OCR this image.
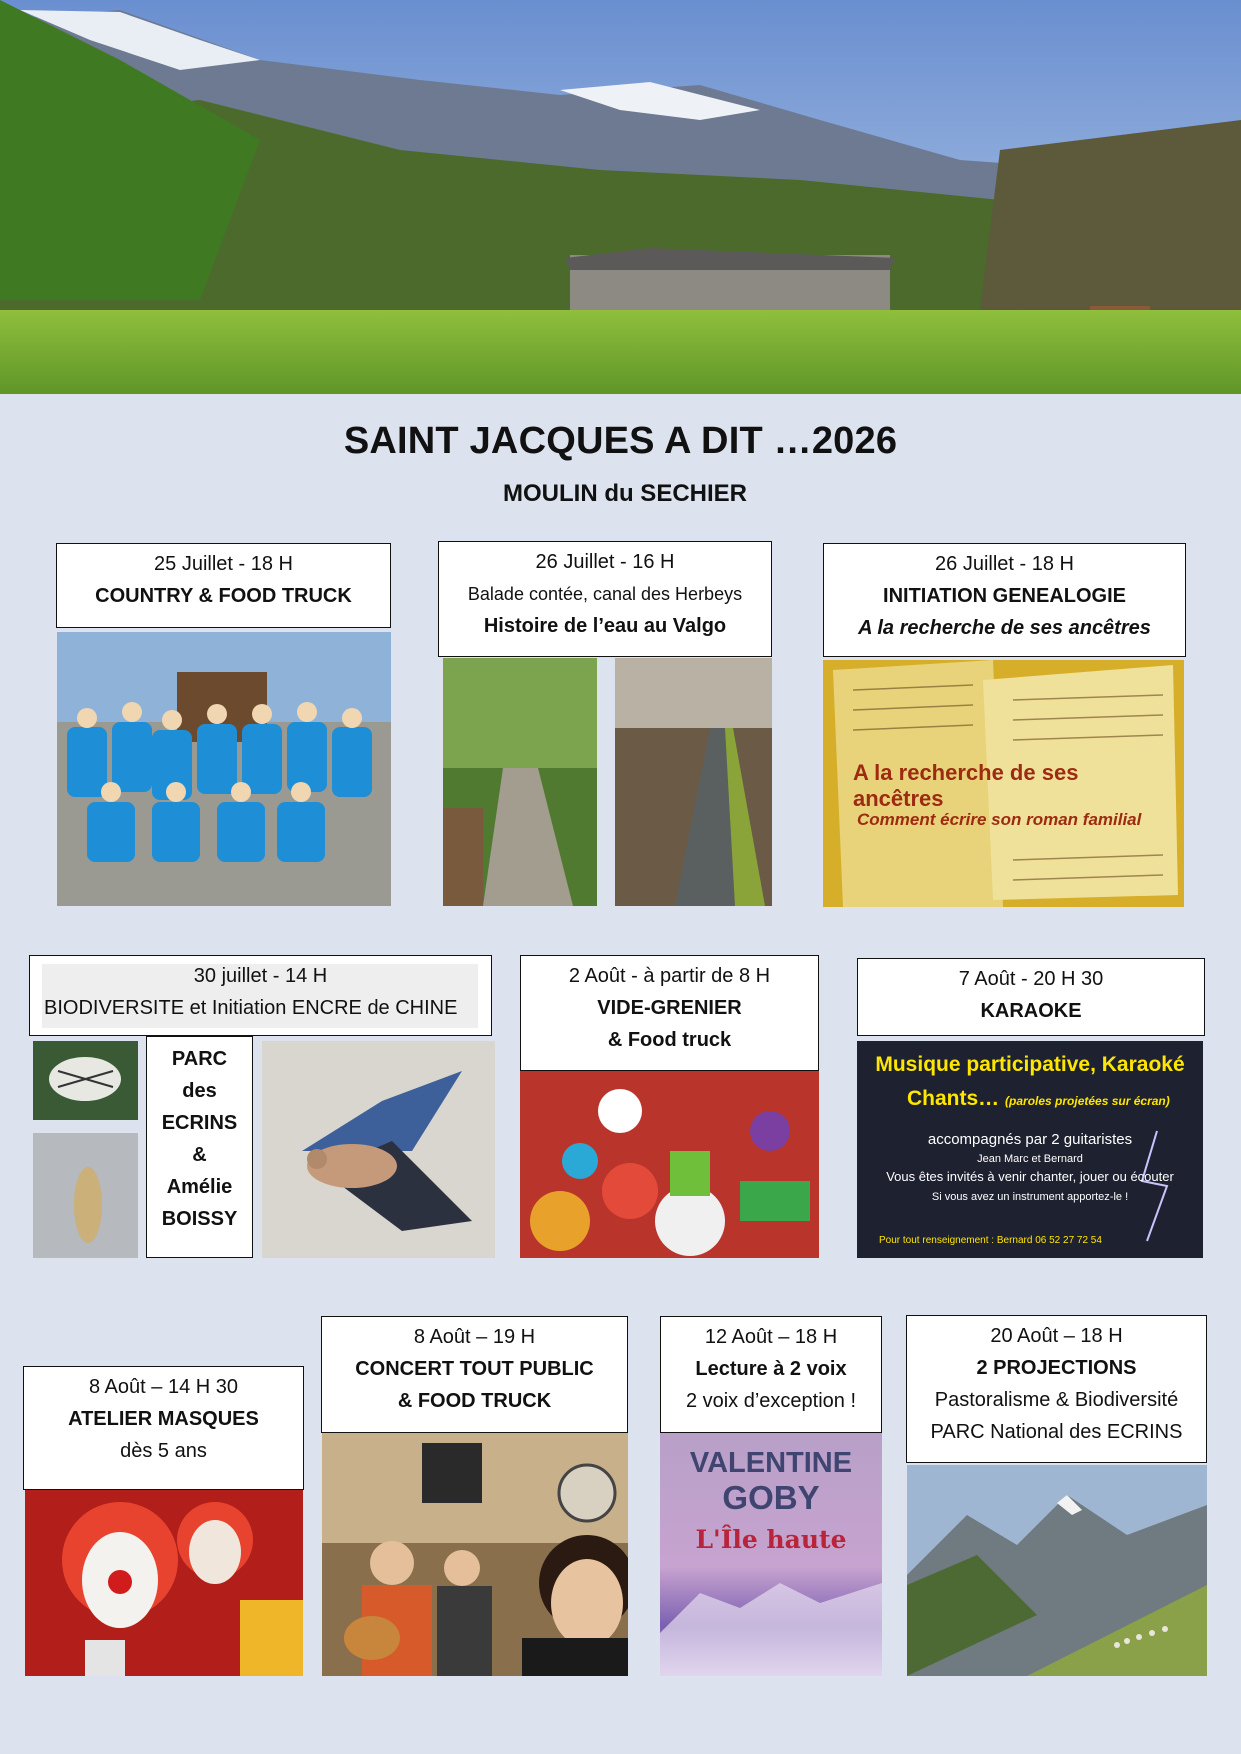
SAINT JACQUES A DIT …2026
MOULIN du SECHIER
25 Juillet - 18 H
COUNTRY & FOOD TRUCK
26 Juillet - 16 H
Balade contée, canal des Herbeys
Histoire de l’eau au Valgo
26 Juillet - 18 H
INITIATION GENEALOGIE
A la recherche de ses ancêtres
A la recherche de ses ancêtres
Comment écrire son roman familial
30 juillet - 14 H
BIODIVERSITE et Initiation ENCRE de CHINE
PARC
des
ECRINS
&
Amélie
BOISSY
2 Août - à partir de 8 H
VIDE-GRENIER
& Food truck
7 Août - 20 H 30
KARAOKE
Musique participative, Karaoké
Chants… (paroles projetées sur écran)
accompagnés par 2 guitaristes
Jean Marc et Bernard
Vous êtes invités à venir chanter, jouer ou écouter
Si vous avez un instrument apportez-le !
Pour tout renseignement : Bernard 06 52 27 72 54
8 Août – 14 H 30
ATELIER MASQUES
dès 5 ans
8 Août – 19 H
CONCERT TOUT PUBLIC
& FOOD TRUCK
12 Août – 18 H
Lecture à 2 voix
2 voix d’exception !
VALENTINE
GOBY
L'Île haute
20 Août – 18 H
2 PROJECTIONS
Pastoralisme & Biodiversité
PARC National des ECRINS
